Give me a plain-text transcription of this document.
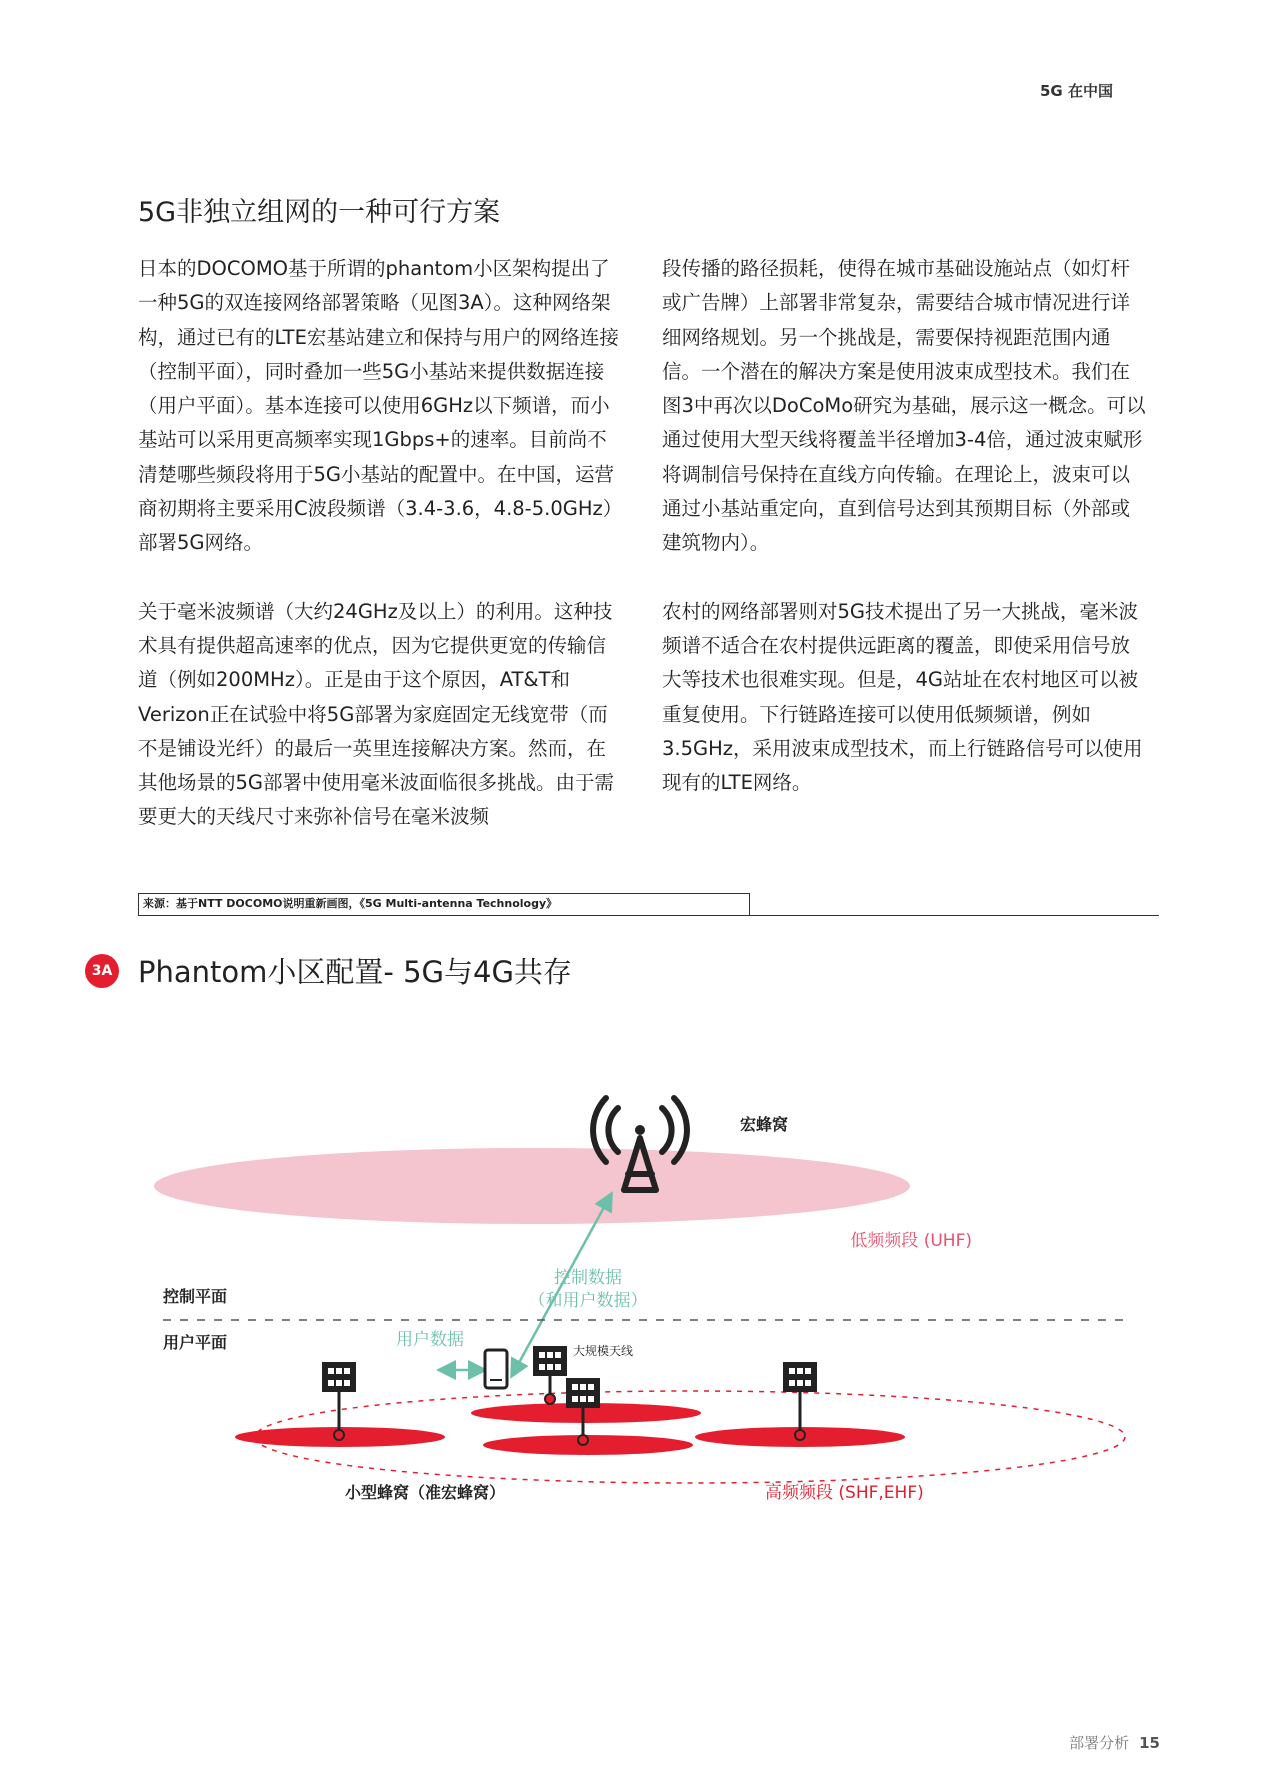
5G 在中国
5G非独立组网的一种可行方案

日本的DOCOMO基于所谓的phantom小区架构提出了一种5G的双连接网络部署策略（见图3A）。这种网络架构，通过已有的LTE宏基站建立和保持与用户的网络连接（控制平面），同时叠加一些5G小基站来提供数据连接（用户平面）。基本连接可以使用6GHz以下频谱，而小基站可以采用更高频率实现1Gbps+的速率。目前尚不清楚哪些频段将用于5G小基站的配置中。在中国，运营商初期将主要采用C波段频谱（3.4-3.6，4.8-5.0GHz）部署5G网络。

关于毫米波频谱（大约24GHz及以上）的利用。这种技术具有提供超高速率的优点，因为它提供更宽的传输信道（例如200MHz）。正是由于这个原因，AT&T和Verizon正在试验中将5G部署为家庭固定无线宽带（而不是铺设光纤）的最后一英里连接解决方案。然而，在其他场景的5G部署中使用毫米波面临很多挑战。由于需要更大的天线尺寸来弥补信号在毫米波频

段传播的路径损耗，使得在城市基础设施站点（如灯杆或广告牌）上部署非常复杂，需要结合城市情况进行详细网络规划。另一个挑战是，需要保持视距范围内通信。一个潜在的解决方案是使用波束成型技术。我们在图3中再次以DoCoMo研究为基础，展示这一概念。可以通过使用大型天线将覆盖半径增加3-4倍，通过波束赋形将调制信号保持在直线方向传输。在理论上，波束可以通过小基站重定向，直到信号达到其预期目标（外部或建筑物内）。

农村的网络部署则对5G技术提出了另一大挑战，毫米波频谱不适合在农村提供远距离的覆盖，即使采用信号放大等技术也很难实现。但是，4G站址在农村地区可以被重复使用。下行链路连接可以使用低频频谱，例如3.5GHz，采用波束成型技术，而上行链路信号可以使用现有的LTE网络。

来源：基于NTT DOCOMO说明重新画图，《5G Multi-antenna Technology》
3A Phantom小区配置- 5G与4G共存
宏蜂窝
低频频段 (UHF)
控制数据
（和用户数据）
控制平面
用户平面	用户数据
大规模天线
小型蜂窝（准宏蜂窝）	高频频段 (SHF,EHF)
部署分析 15
